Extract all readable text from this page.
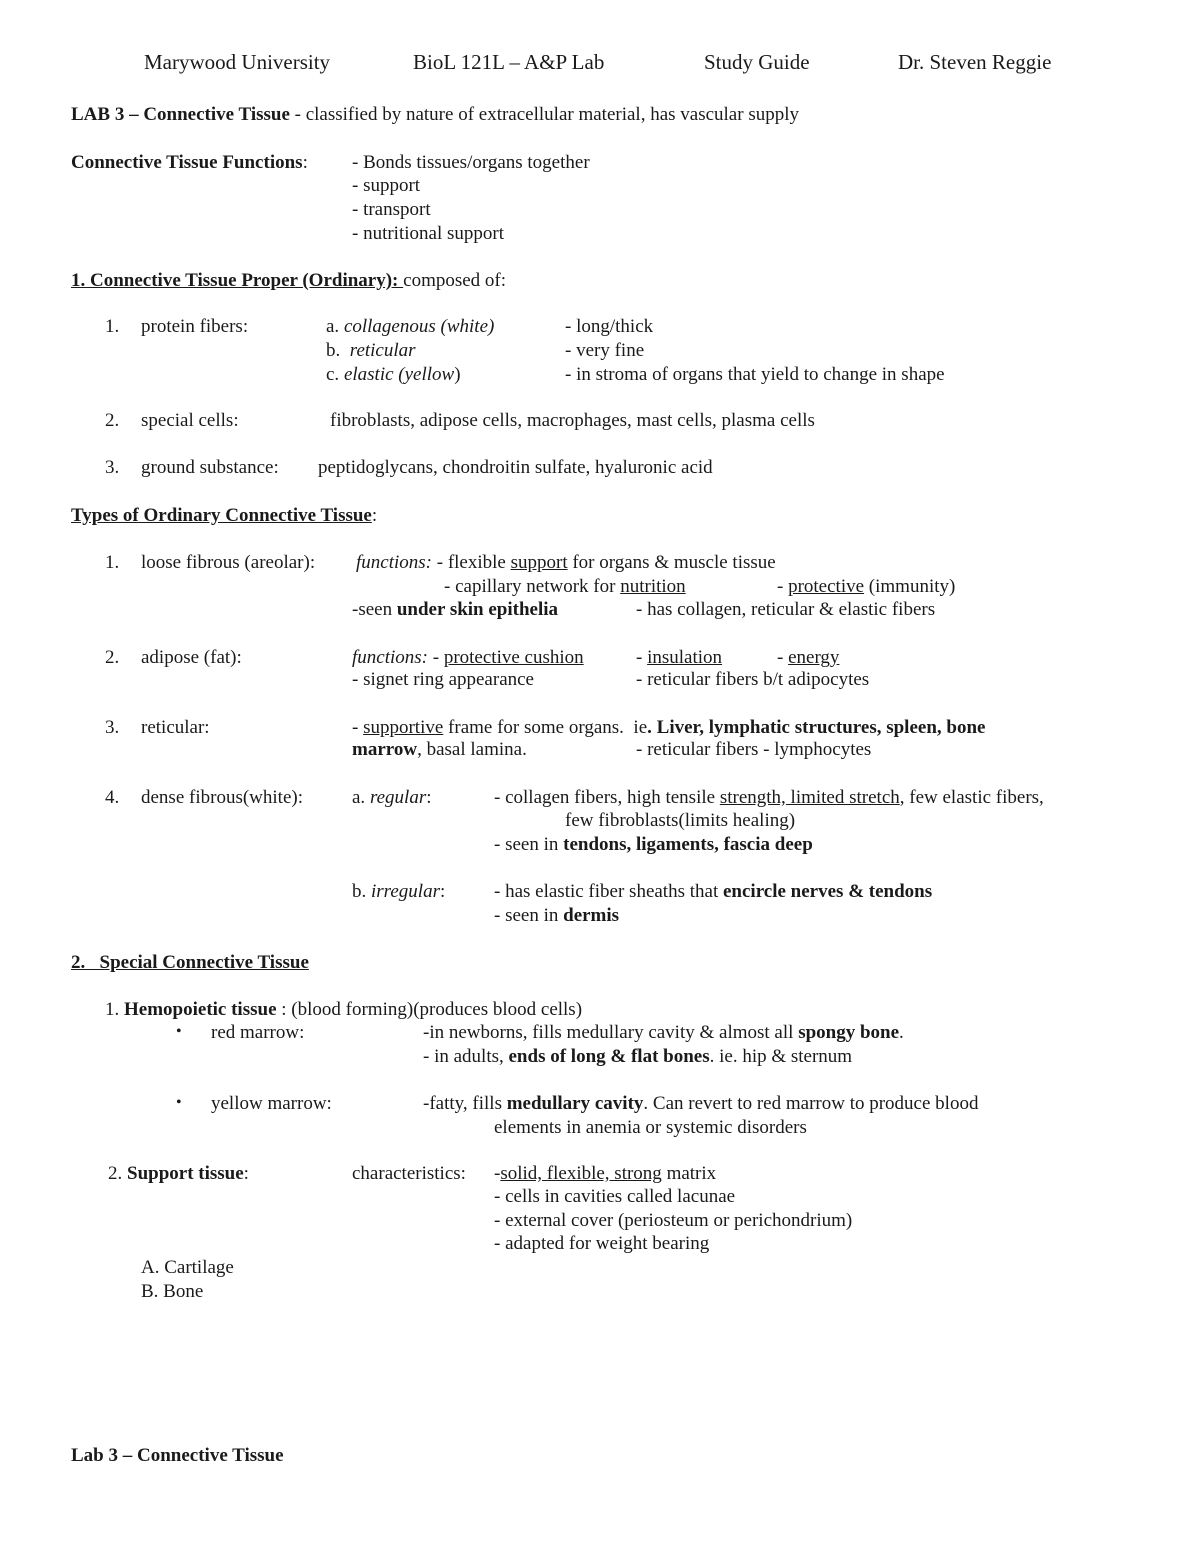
Marywood University	BioL 121L – A&P Lab	Study Guide	Dr. Steven Reggie
LAB 3 – Connective Tissue - classified by nature of extracellular material, has vascular supply
Connective Tissue Functions: - Bonds tissues/organs together
- support
- transport
- nutritional support
1. Connective Tissue Proper (Ordinary): composed of:
1. protein fibers:	a. collagenous (white)	- long/thick
b.  reticular	- very fine
c. elastic (yellow)	- in stroma of organs that yield to change in shape
2. special cells:	fibroblasts, adipose cells, macrophages, mast cells, plasma cells
3. ground substance: peptidoglycans, chondroitin sulfate, hyaluronic acid
Types of Ordinary Connective Tissue:
1. loose fibrous (areolar): functions: - flexible support for organs & muscle tissue
- capillary network for nutrition	- protective (immunity)
-seen under skin epithelia	- has collagen, reticular & elastic fibers
2. adipose (fat):	functions: - protective cushion	- insulation	- energy
- signet ring appearance	- reticular fibers b/t adipocytes
3. reticular:	- supportive frame for some organs.  ie. Liver, lymphatic structures, spleen, bone
marrow, basal lamina.	- reticular fibers - lymphocytes
4. dense fibrous(white):	a. regular:	- collagen fibers, high tensile strength, limited stretch, few elastic fibers,
few fibroblasts(limits healing)
- seen in tendons, ligaments, fascia deep
b. irregular:	- has elastic fiber sheaths that encircle nerves & tendons
- seen in dermis
2.   Special Connective Tissue
1. Hemopoietic tissue : (blood forming)(produces blood cells)
• red marrow:	-in newborns, fills medullary cavity & almost all spongy bone.
- in adults, ends of long & flat bones. ie. hip & sternum
• yellow marrow:	-fatty, fills medullary cavity. Can revert to red marrow to produce blood
elements in anemia or systemic disorders
2. Support tissue:	characteristics: -solid, flexible, strong matrix
- cells in cavities called lacunae
- external cover (periosteum or perichondrium)
- adapted for weight bearing
A. Cartilage
B. Bone
Lab 3 – Connective Tissue
